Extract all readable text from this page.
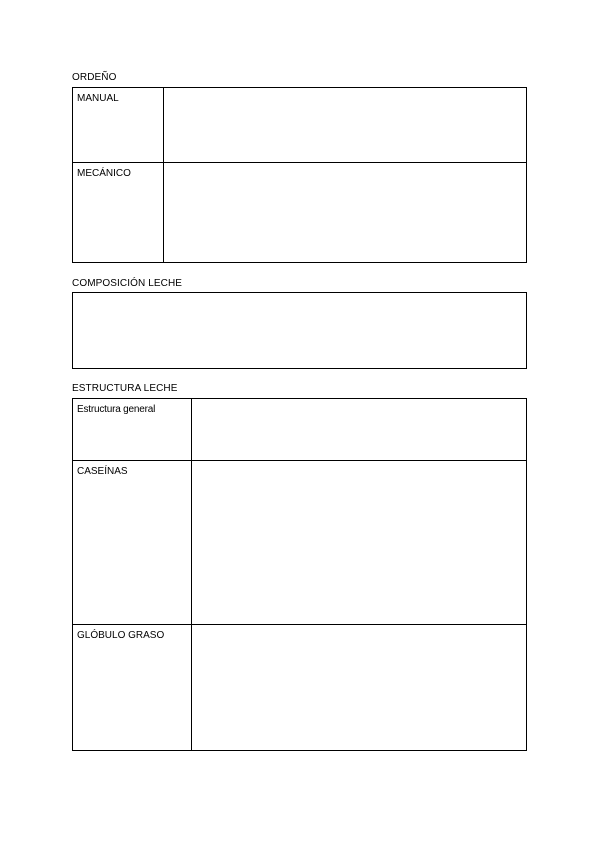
ORDEÑO
MANUAL	

MECÁNICO	

COMPOSICIÓN LECHE
ESTRUCTURA LECHE
Estructura general	

CASEÍNAS	

GLÓBULO GRASO	
